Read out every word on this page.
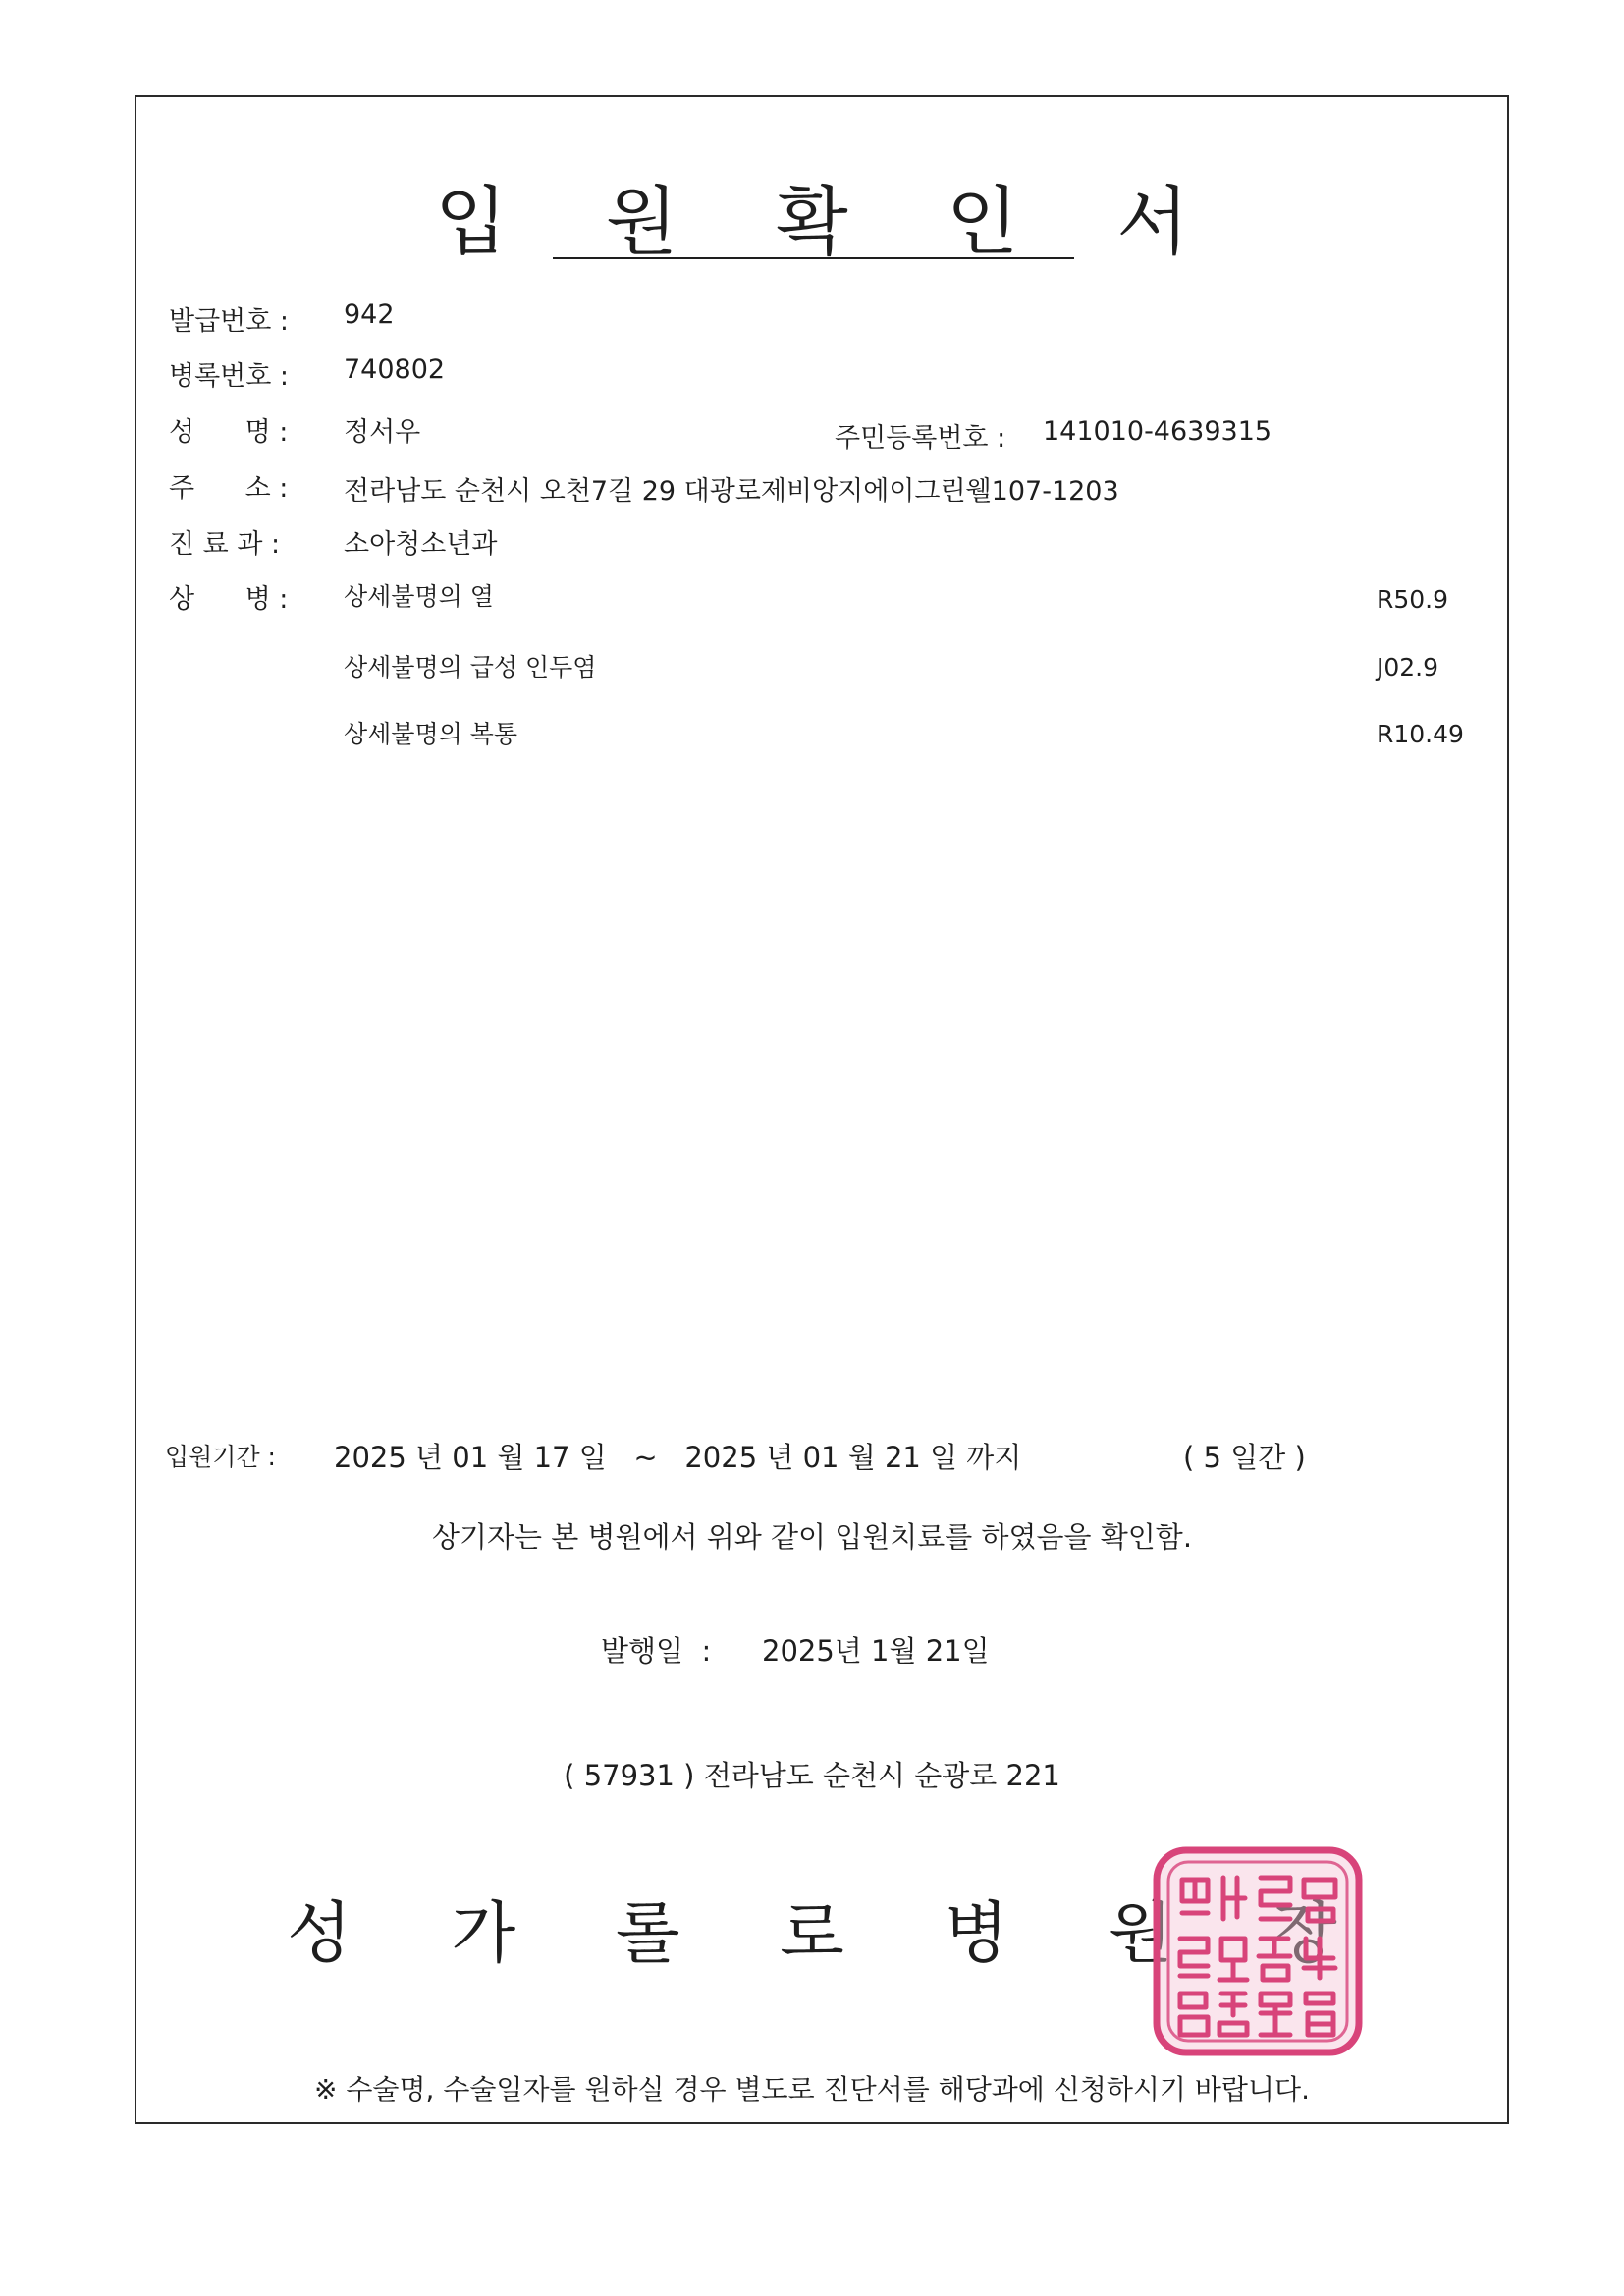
입 원 확 인 서
발급번호 : 942
병록번호 : 740802
성      명 : 정서우	주민등록번호 : 141010-4639315
주      소 : 전라남도 순천시 오천7길 29 대광로제비앙지에이그린웰107-1203
진 료 과 : 소아청소년과
상      병 : 상세불명의 열	R50.9
상세불명의 급성 인두염	J02.9
상세불명의 복통	R10.49
입원기간 : 2025 년 01 월 17 일   ~   2025 년 01 월 21 일 까지	( 5 일간 )
상기자는 본 병원에서 위와 같이 입원치료를 하였음을 확인함.
발행일  : 2025년 1월 21일
( 57931 ) 전라남도 순천시 순광로 221
성 가 롤 로 병 원 장
※ 수술명, 수술일자를 원하실 경우 별도로 진단서를 해당과에 신청하시기 바랍니다.
